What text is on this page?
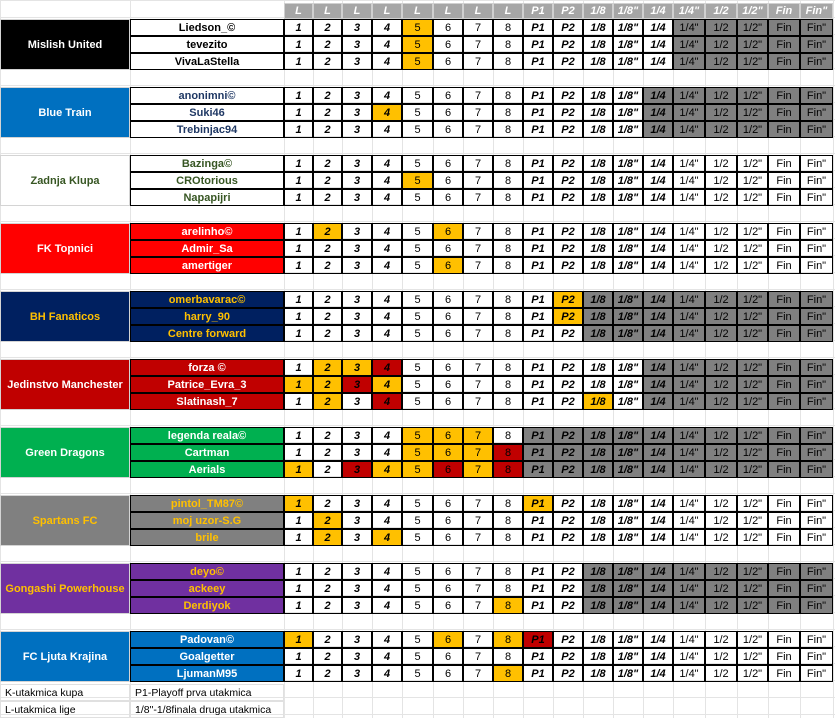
L	L	L	L	L	L	L	L	P1	P2	1/8	1/8"	1/4	1/4"	1/2	1/2"	Fin	Fin"
Mislish United
Liedson_©	1	2	3	4	5	6	7	8	P1	P2	1/8	1/8"	1/4	1/4"	1/2	1/2"	Fin	Fin"
tevezito	1	2	3	4	5	6	7	8	P1	P2	1/8	1/8"	1/4	1/4"	1/2	1/2"	Fin	Fin"
VivaLaStella	1	2	3	4	5	6	7	8	P1	P2	1/8	1/8"	1/4	1/4"	1/2	1/2"	Fin	Fin"
Blue Train
anonimni©	1	2	3	4	5	6	7	8	P1	P2	1/8	1/8"	1/4	1/4"	1/2	1/2"	Fin	Fin"
Suki46	1	2	3	4	5	6	7	8	P1	P2	1/8	1/8"	1/4	1/4"	1/2	1/2"	Fin	Fin"
Trebinjac94	1	2	3	4	5	6	7	8	P1	P2	1/8	1/8"	1/4	1/4"	1/2	1/2"	Fin	Fin"
Zadnja Klupa
Bazinga©	1	2	3	4	5	6	7	8	P1	P2	1/8	1/8"	1/4	1/4"	1/2	1/2"	Fin	Fin"
CROtorious	1	2	3	4	5	6	7	8	P1	P2	1/8	1/8"	1/4	1/4"	1/2	1/2"	Fin	Fin"
Napapijri	1	2	3	4	5	6	7	8	P1	P2	1/8	1/8"	1/4	1/4"	1/2	1/2"	Fin	Fin"
FK Topnici
arelinho©	1	2	3	4	5	6	7	8	P1	P2	1/8	1/8"	1/4	1/4"	1/2	1/2"	Fin	Fin"
Admir_Sa	1	2	3	4	5	6	7	8	P1	P2	1/8	1/8"	1/4	1/4"	1/2	1/2"	Fin	Fin"
amertiger	1	2	3	4	5	6	7	8	P1	P2	1/8	1/8"	1/4	1/4"	1/2	1/2"	Fin	Fin"
BH Fanaticos
omerbavarac©	1	2	3	4	5	6	7	8	P1	P2	1/8	1/8"	1/4	1/4"	1/2	1/2"	Fin	Fin"
harry_90	1	2	3	4	5	6	7	8	P1	P2	1/8	1/8"	1/4	1/4"	1/2	1/2"	Fin	Fin"
Centre forward	1	2	3	4	5	6	7	8	P1	P2	1/8	1/8"	1/4	1/4"	1/2	1/2"	Fin	Fin"
Jedinstvo Manchester
forza ©	1	2	3	4	5	6	7	8	P1	P2	1/8	1/8"	1/4	1/4"	1/2	1/2"	Fin	Fin"
Patrice_Evra_3	1	2	3	4	5	6	7	8	P1	P2	1/8	1/8"	1/4	1/4"	1/2	1/2"	Fin	Fin"
Slatinash_7	1	2	3	4	5	6	7	8	P1	P2	1/8	1/8"	1/4	1/4"	1/2	1/2"	Fin	Fin"
Green Dragons
legenda reala©	1	2	3	4	5	6	7	8	P1	P2	1/8	1/8"	1/4	1/4"	1/2	1/2"	Fin	Fin"
Cartman	1	2	3	4	5	6	7	8	P1	P2	1/8	1/8"	1/4	1/4"	1/2	1/2"	Fin	Fin"
Aerials	1	2	3	4	5	6	7	8	P1	P2	1/8	1/8"	1/4	1/4"	1/2	1/2"	Fin	Fin"
Spartans FC
pintol_TM87©	1	2	3	4	5	6	7	8	P1	P2	1/8	1/8"	1/4	1/4"	1/2	1/2"	Fin	Fin"
moj uzor-S.G	1	2	3	4	5	6	7	8	P1	P2	1/8	1/8"	1/4	1/4"	1/2	1/2"	Fin	Fin"
brile	1	2	3	4	5	6	7	8	P1	P2	1/8	1/8"	1/4	1/4"	1/2	1/2"	Fin	Fin"
Gongashi Powerhouse
deyo©	1	2	3	4	5	6	7	8	P1	P2	1/8	1/8"	1/4	1/4"	1/2	1/2"	Fin	Fin"
ackeey	1	2	3	4	5	6	7	8	P1	P2	1/8	1/8"	1/4	1/4"	1/2	1/2"	Fin	Fin"
Derdiyok	1	2	3	4	5	6	7	8	P1	P2	1/8	1/8"	1/4	1/4"	1/2	1/2"	Fin	Fin"
FC Ljuta Krajina
Padovan©	1	2	3	4	5	6	7	8	P1	P2	1/8	1/8"	1/4	1/4"	1/2	1/2"	Fin	Fin"
Goalgetter	1	2	3	4	5	6	7	8	P1	P2	1/8	1/8"	1/4	1/4"	1/2	1/2"	Fin	Fin"
LjumanM95	1	2	3	4	5	6	7	8	P1	P2	1/8	1/8"	1/4	1/4"	1/2	1/2"	Fin	Fin"
K-utakmica kupa	P1-Playoff prva utakmica
L-utakmica lige	1/8"-1/8finala druga utakmica
